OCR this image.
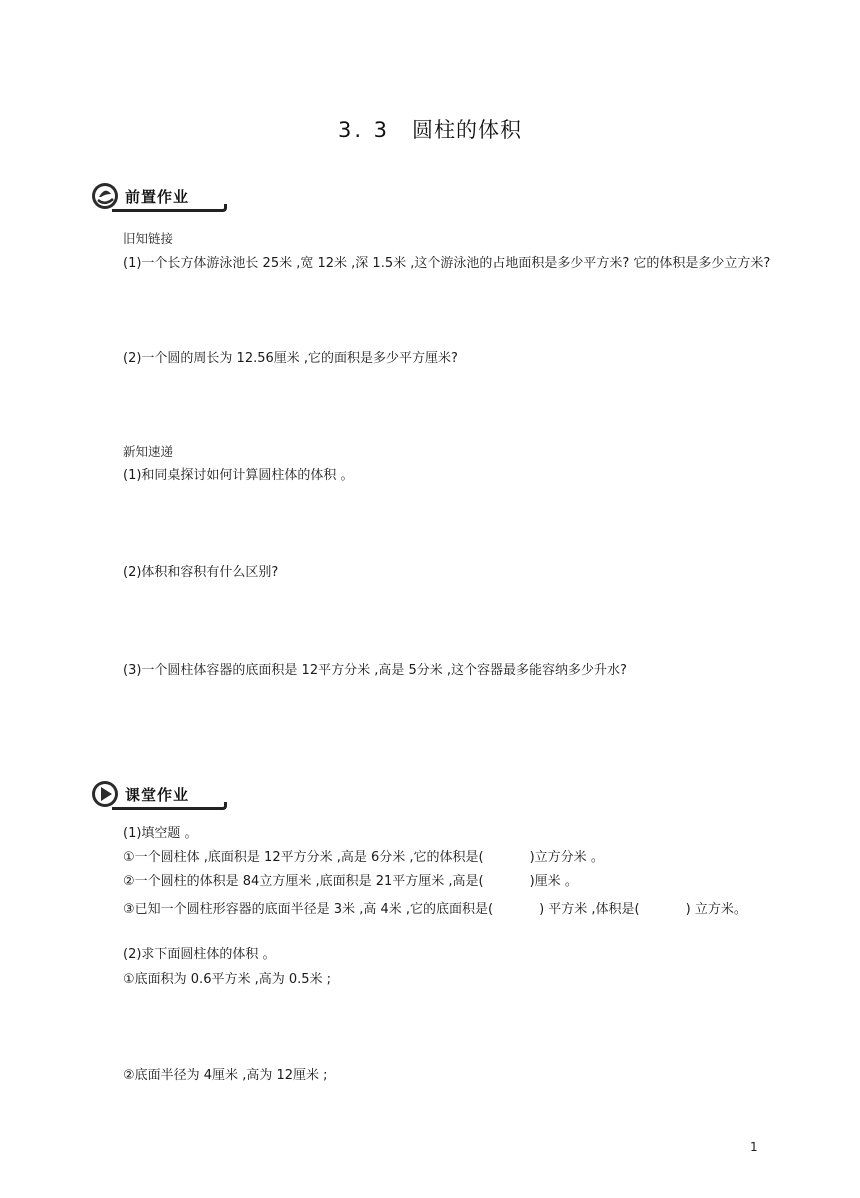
3. 3 圆柱的体积
前置作业
旧知链接
(1)一个长方体游泳池长 25米 ,宽 12米 ,深 1.5米 ,这个游泳池的占地面积是多少平方米? 它的体积是多少立方米?
(2)一个圆的周长为 12.56厘米 ,它的面积是多少平方厘米?
新知速递
(1)和同桌探讨如何计算圆柱体的体积 。
(2)体积和容积有什么区别?
(3)一个圆柱体容器的底面积是 12平方分米 ,高是 5分米 ,这个容器最多能容纳多少升水?
课堂作业
(1)填空题 。
①一个圆柱体 ,底面积是 12平方分米 ,高是 6分米 ,它的体积是(	)立方分米 。
②一个圆柱的体积是 84立方厘米 ,底面积是 21平方厘米 ,高是(	)厘米 。
③已知一个圆柱形容器的底面半径是 3米 ,高 4米 ,它的底面积是(	) 平方米 ,体积是(	) 立方米。
(2)求下面圆柱体的体积 。
①底面积为 0.6平方米 ,高为 0.5米 ;
②底面半径为 4厘米 ,高为 12厘米 ;
1
